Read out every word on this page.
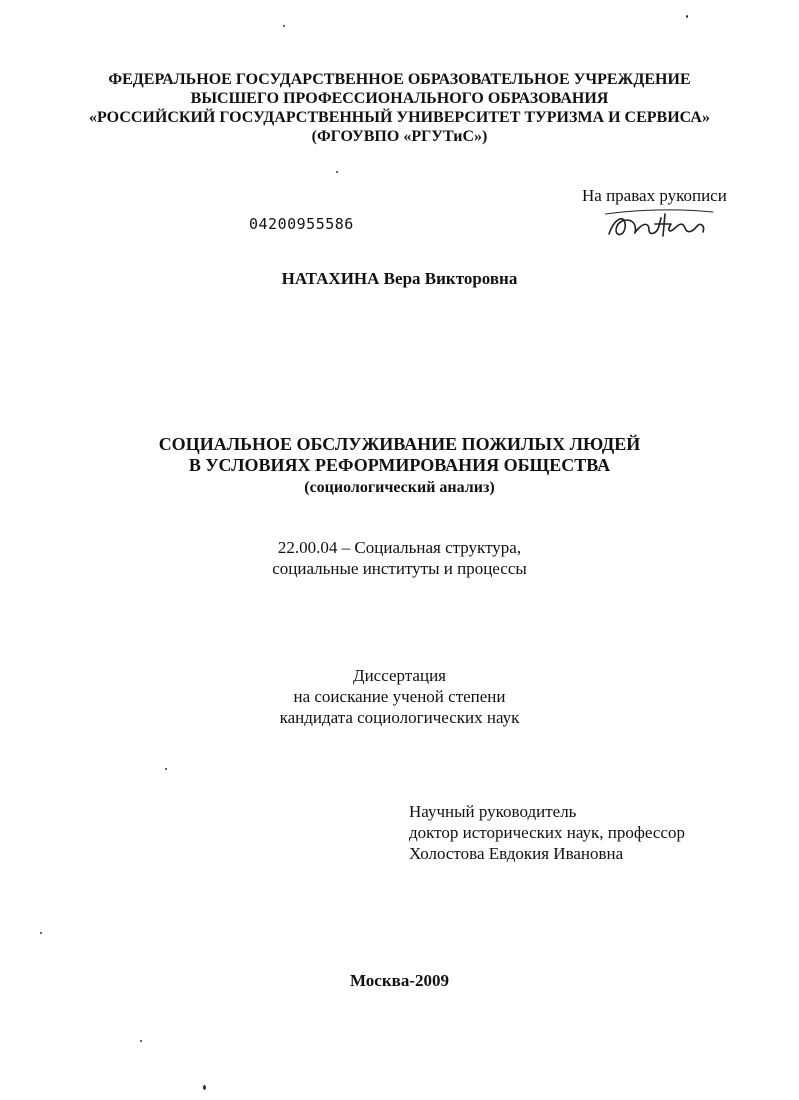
ФЕДЕРАЛЬНОЕ ГОСУДАРСТВЕННОЕ ОБРАЗОВАТЕЛЬНОЕ УЧРЕЖДЕНИЕ
ВЫСШЕГО ПРОФЕССИОНАЛЬНОГО ОБРАЗОВАНИЯ
«РОССИЙСКИЙ ГОСУДАРСТВЕННЫЙ УНИВЕРСИТЕТ ТУРИЗМА И СЕРВИСА»
(ФГОУВПО «РГУТиС»)
На правах рукописи
04200955586
НАТАХИНА Вера Викторовна
СОЦИАЛЬНОЕ ОБСЛУЖИВАНИЕ ПОЖИЛЫХ ЛЮДЕЙ
В УСЛОВИЯХ РЕФОРМИРОВАНИЯ ОБЩЕСТВА
(социологический анализ)
22.00.04 – Социальная структура,
социальные институты и процессы
Диссертация
на соискание ученой степени
кандидата социологических наук
Научный руководитель
доктор исторических наук, профессор
Холостова Евдокия Ивановна
Москва-2009
